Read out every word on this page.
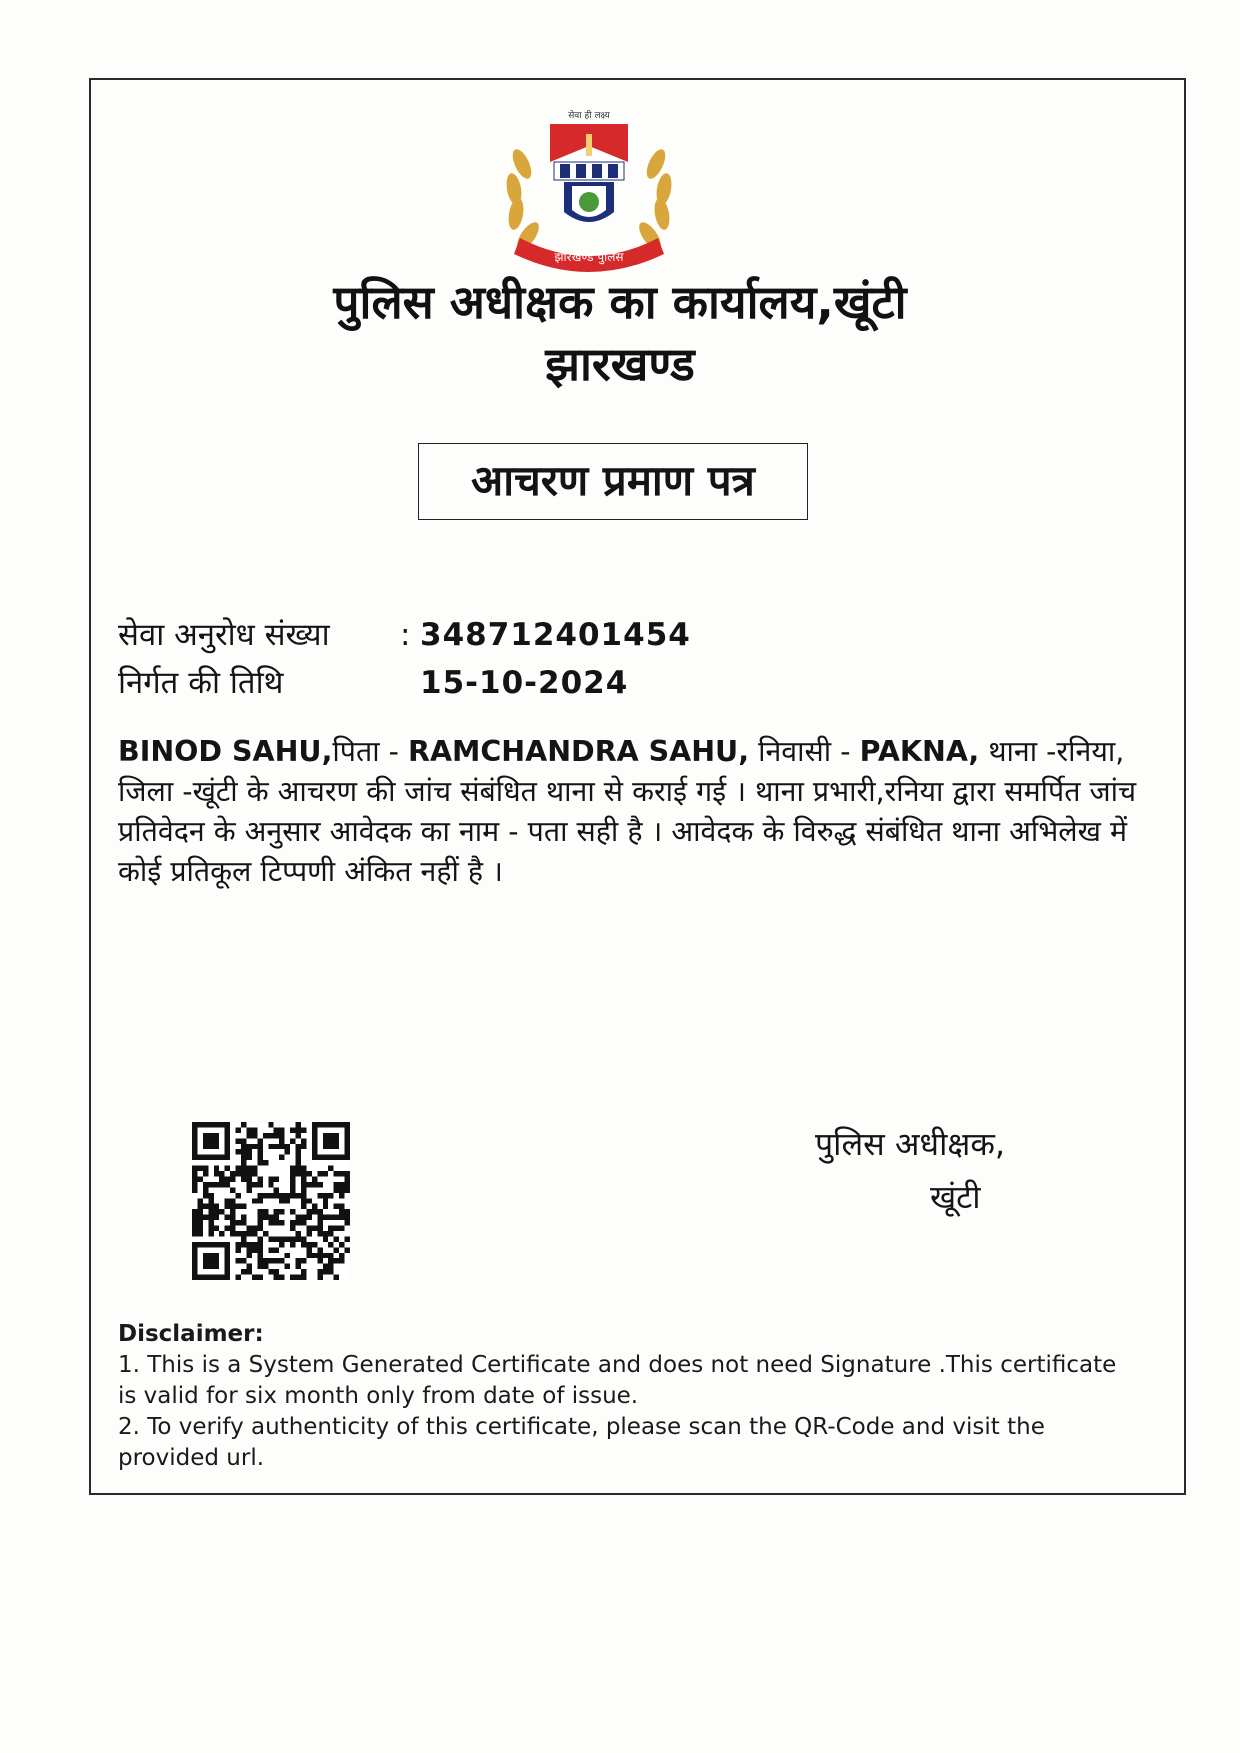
सेवा ही लक्ष्य
झारखण्ड पुलिस
पुलिस अधीक्षक का कार्यालय,खूंटी
झारखण्ड
आचरण प्रमाण पत्र
सेवा अनुरोध संख्या : 348712401454
निर्गत की तिथि	15-10-2024
BINOD SAHU,पिता - RAMCHANDRA SAHU, निवासी - PAKNA, थाना -रनिया, जिला -खूंटी के आचरण की जांच संबंधित थाना से कराई गई । थाना प्रभारी,रनिया द्वारा समर्पित जांच प्रतिवेदन के अनुसार आवेदक का नाम - पता सही है । आवेदक के विरुद्ध संबंधित थाना अभिलेख में कोई प्रतिकूल टिप्पणी अंकित नहीं है ।
पुलिस अधीक्षक,
खूंटी
Disclaimer:
1. This is a System Generated Certificate and does not need Signature .This certificate is valid for six month only from date of issue.
2. To verify authenticity of this certificate, please scan the QR-Code and visit the provided url.
